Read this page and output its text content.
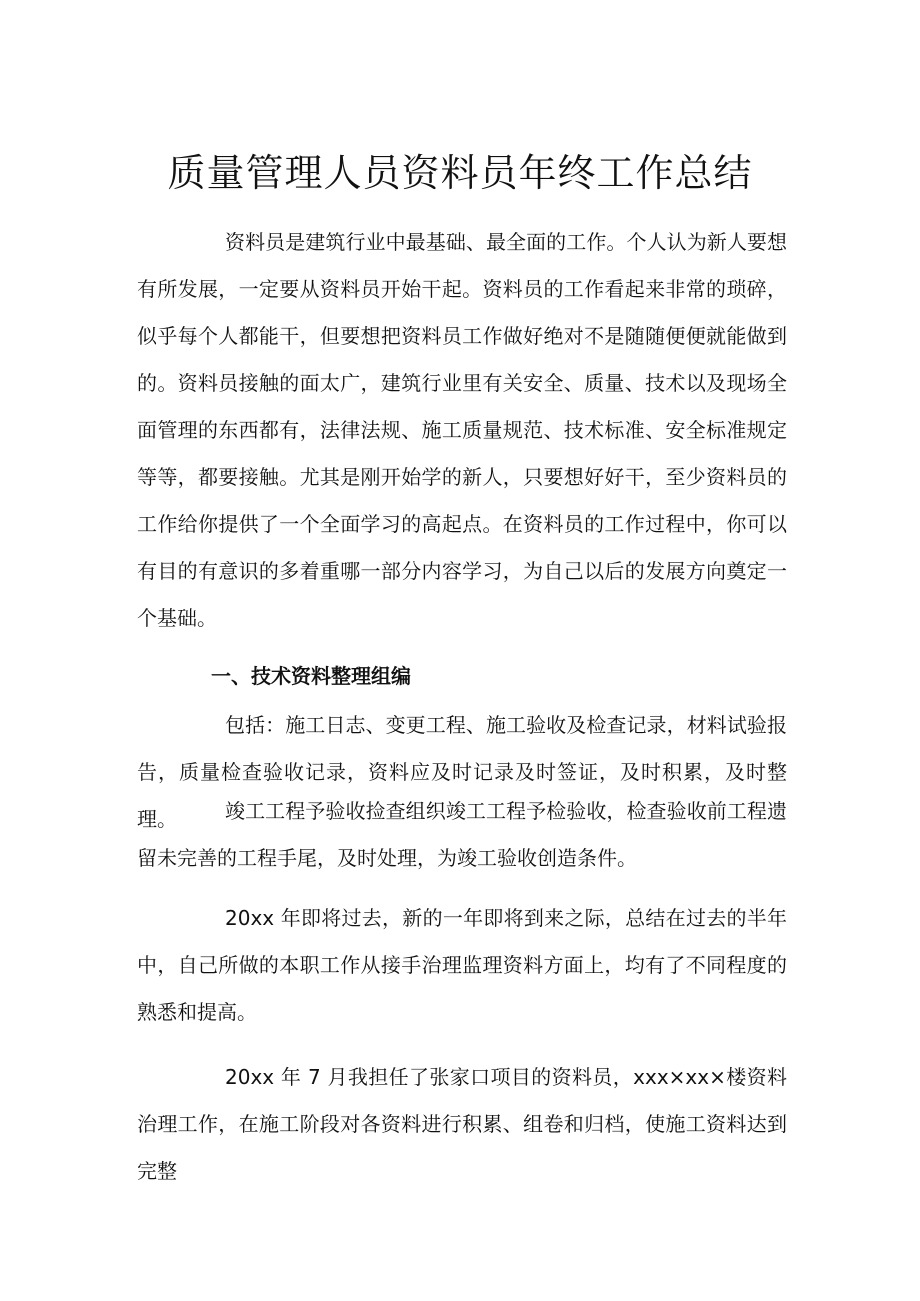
质量管理人员资料员年终工作总结

资料员是建筑行业中最基础、最全面的工作。个人认为新人要想有所发展，一定要从资料员开始干起。资料员的工作看起来非常的琐碎，似乎每个人都能干，但要想把资料员工作做好绝对不是随随便便就能做到的。资料员接触的面太广，建筑行业里有关安全、质量、技术以及现场全面管理的东西都有，法律法规、施工质量规范、技术标准、安全标准规定等等，都要接触。尤其是刚开始学的新人，只要想好好干，至少资料员的工作给你提供了一个全面学习的高起点。在资料员的工作过程中，你可以有目的有意识的多着重哪一部分内容学习，为自己以后的发展方向奠定一个基础。

一、技术资料整理组编

包括：施工日志、变更工程、施工验收及检查记录，材料试验报告，质量检查验收记录，资料应及时记录及时签证，及时积累，及时整理。	竣工工程予验收捡查组织竣工工程予检验收，检查验收前工程遗留未完善的工程手尾，及时处理，为竣工验收创造条件。

20xx 年即将过去，新的一年即将到来之际，总结在过去的半年中，自己所做的本职工作从接手治理监理资料方面上，均有了不同程度的熟悉和提高。

20xx 年 7 月我担任了张家口项目的资料员，xxx×xx×楼资料治理工作，在施工阶段对各资料进行积累、组卷和归档，使施工资料达到完整
